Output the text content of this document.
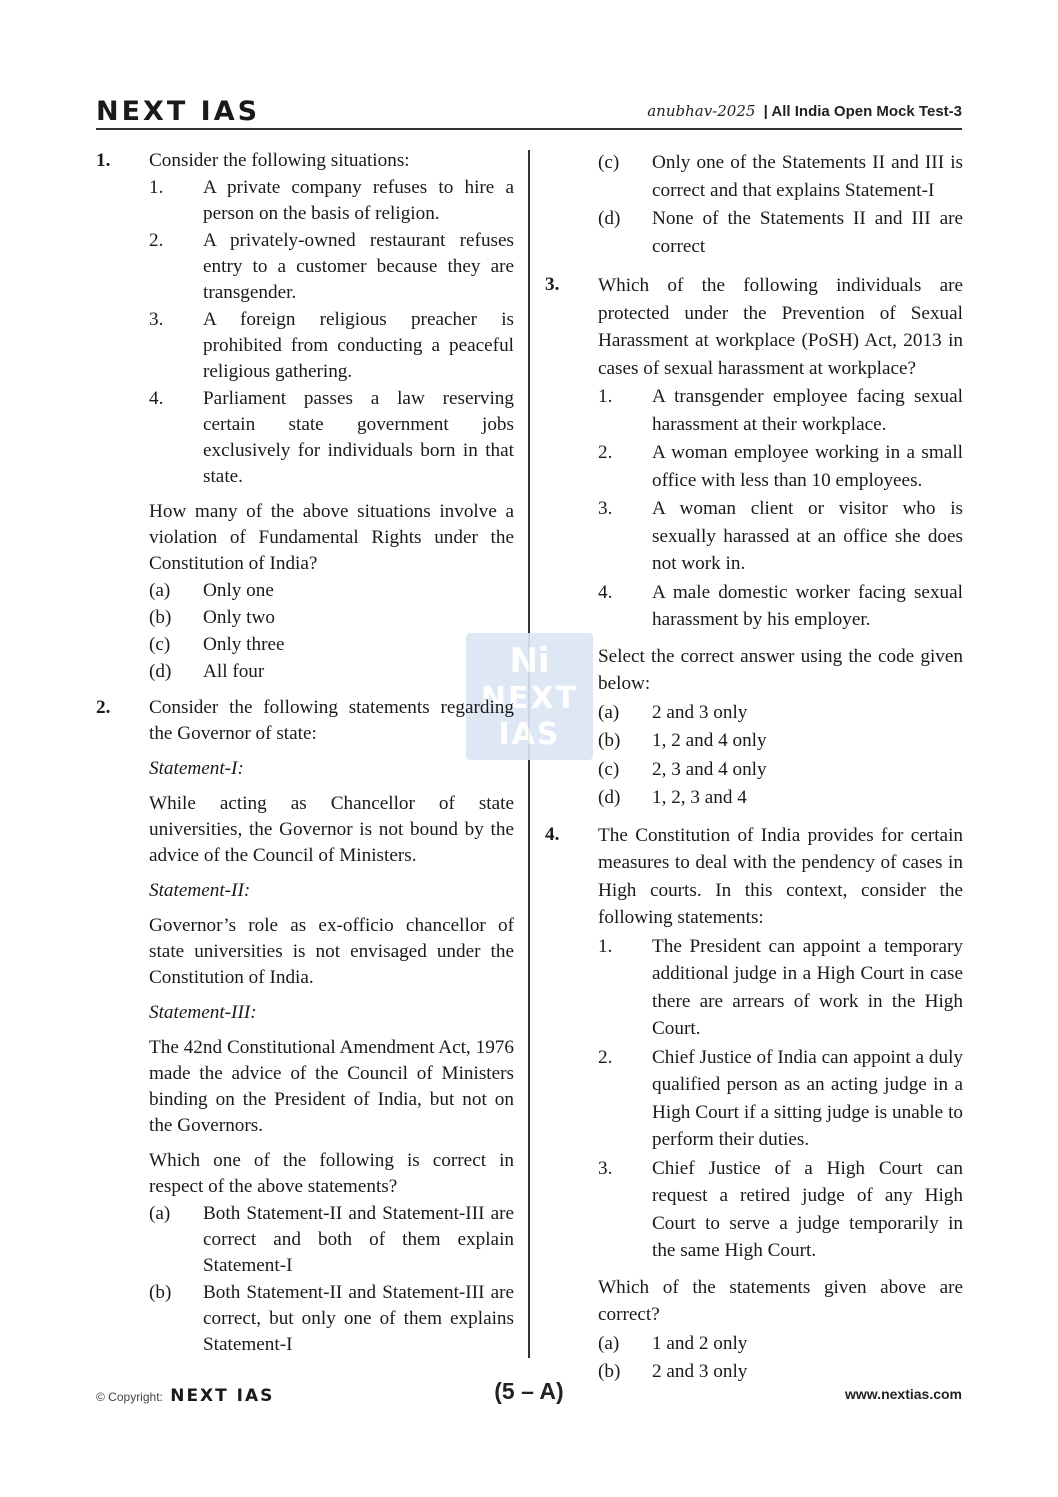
NEXT IAS	anubhav-2025 | All India Open Mock Test-3
Ni
NEXT
IAS
1. Consider the following situations:
1. A private company refuses to hire a person on the basis of religion.
2. A privately-owned restaurant refuses entry to a customer because they are transgender.
3. A foreign religious preacher is prohibited from conducting a peaceful religious gathering.
4. Parliament passes a law reserving certain state government jobs exclusively for individuals born in that state.
How many of the above situations involve a violation of Fundamental Rights under the Constitution of India?
(a) Only one
(b) Only two
(c) Only three
(d) All four
2. Consider the following statements regarding the Governor of state:
Statement-I:
While acting as Chancellor of state universities, the Governor is not bound by the advice of the Council of Ministers.
Statement-II:
Governor’s role as ex-officio chancellor of state universities is not envisaged under the Constitution of India.
Statement-III:
The 42nd Constitutional Amendment Act, 1976 made the advice of the Council of Ministers binding on the President of India, but not on the Governors.
Which one of the following is correct in respect of the above statements?
(a) Both Statement-II and Statement-III are correct and both of them explain Statement-I
(b) Both Statement-II and Statement-III are correct, but only one of them explains Statement-I
(c) Only one of the Statements II and III is correct and that explains Statement-I
(d) None of the Statements II and III are correct
3. Which of the following individuals are protected under the Prevention of Sexual Harassment at workplace (PoSH) Act, 2013 in cases of sexual harassment at workplace?
1. A transgender employee facing sexual harassment at their workplace.
2. A woman employee working in a small office with less than 10 employees.
3. A woman client or visitor who is sexually harassed at an office she does not work in.
4. A male domestic worker facing sexual harassment by his employer.
Select the correct answer using the code given below:
(a) 2 and 3 only
(b) 1, 2 and 4 only
(c) 2, 3 and 4 only
(d) 1, 2, 3 and 4
4. The Constitution of India provides for certain measures to deal with the pendency of cases in High courts. In this context, consider the following statements:
1. The President can appoint a temporary additional judge in a High Court in case there are arrears of work in the High Court.
2. Chief Justice of India can appoint a duly qualified person as an acting judge in a High Court if a sitting judge is unable to perform their duties.
3. Chief Justice of a High Court can request a retired judge of any High Court to serve a judge temporarily in the same High Court.
Which of the statements given above are correct?
(a) 1 and 2 only
(b) 2 and 3 only
© Copyright: NEXT IAS	(5 – A)	www.nextias.com
